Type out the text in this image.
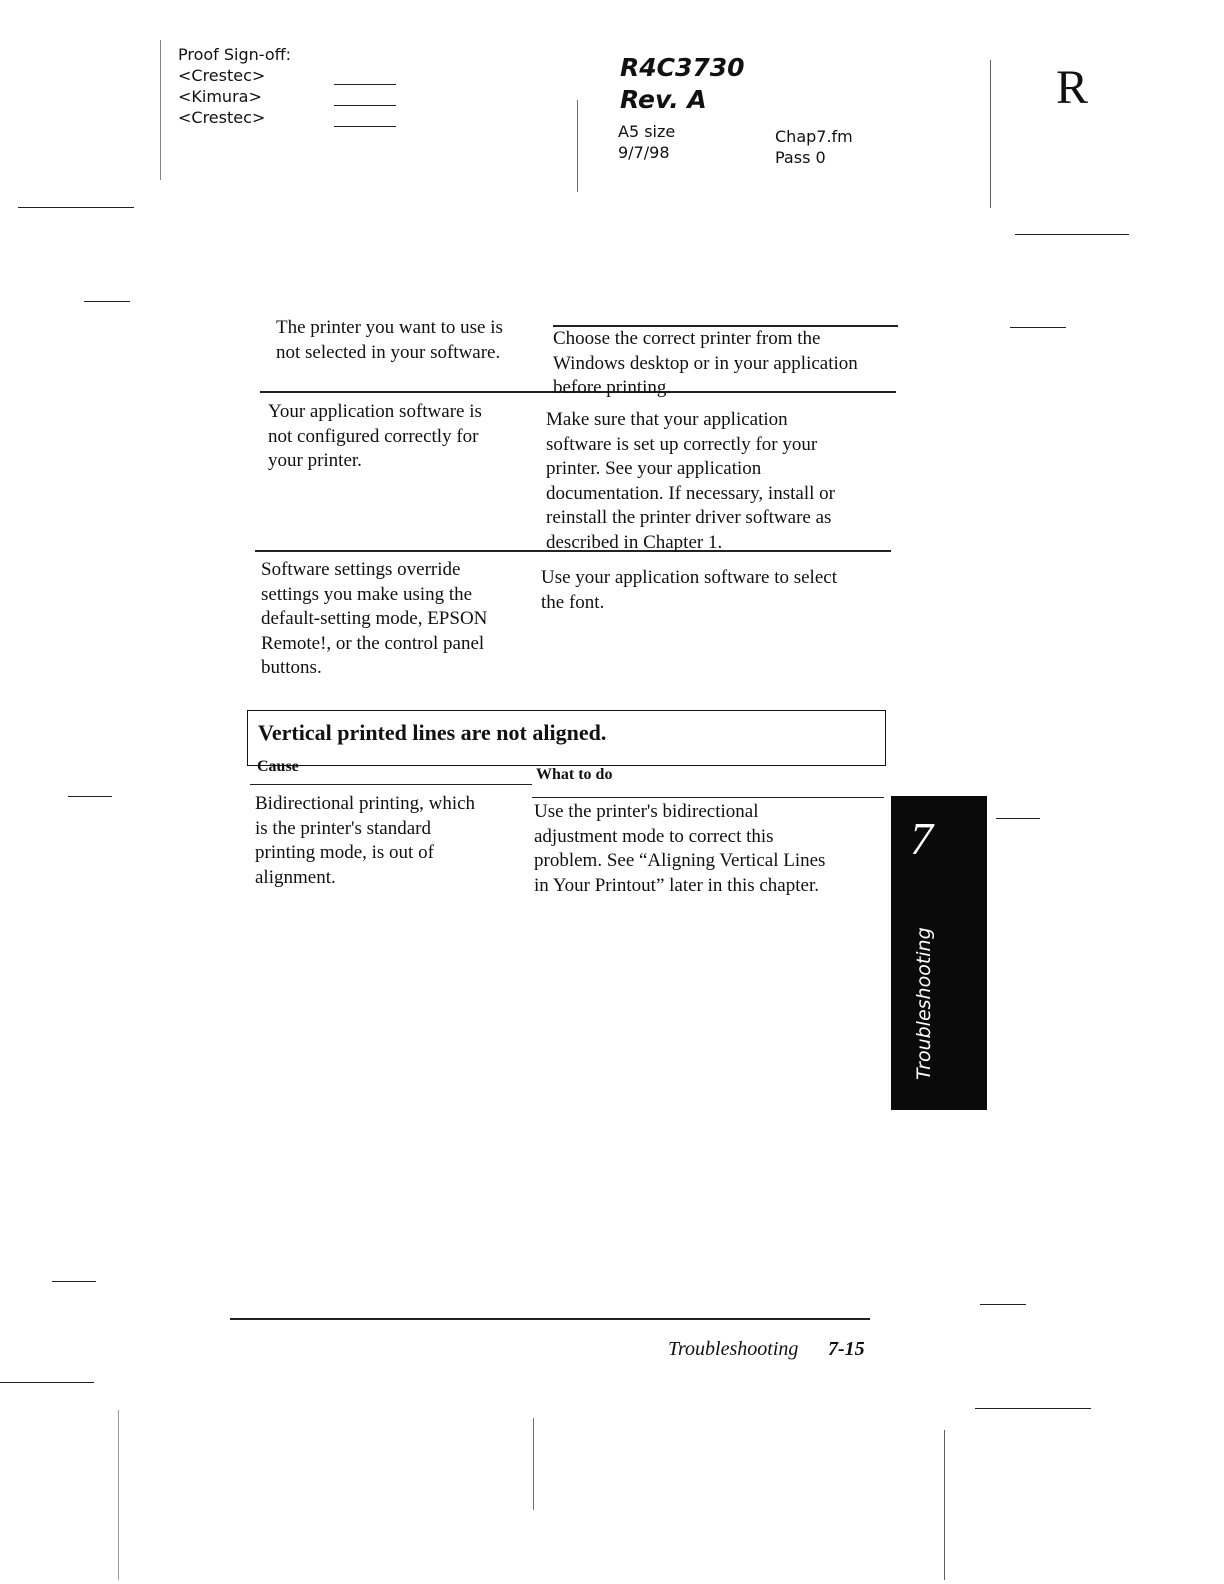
Proof Sign-off:
<Crestec>
<Kimura>
<Crestec>
R4C3730
Rev. A
A5 size
9/7/98
Chap7.fm
Pass 0
R
The printer you want to use is
not selected in your software.
Choose the correct printer from the
Windows desktop or in your application
before printing.
Your application software is
not configured correctly for
your printer.
Make sure that your application
software is set up correctly for your
printer. See your application
documentation. If necessary, install or
reinstall the printer driver software as
described in Chapter 1.
Software settings override
settings you make using the
default-setting mode, EPSON
Remote!, or the control panel
buttons.
Use your application software to select
the font.
Vertical printed lines are not aligned.
Cause	What to do
Bidirectional printing, which
is the printer's standard
printing mode, is out of
alignment.
Use the printer's bidirectional
adjustment mode to correct this
problem. See “Aligning Vertical Lines
in Your Printout” later in this chapter.
7
Troubleshooting
Troubleshooting 7-15
